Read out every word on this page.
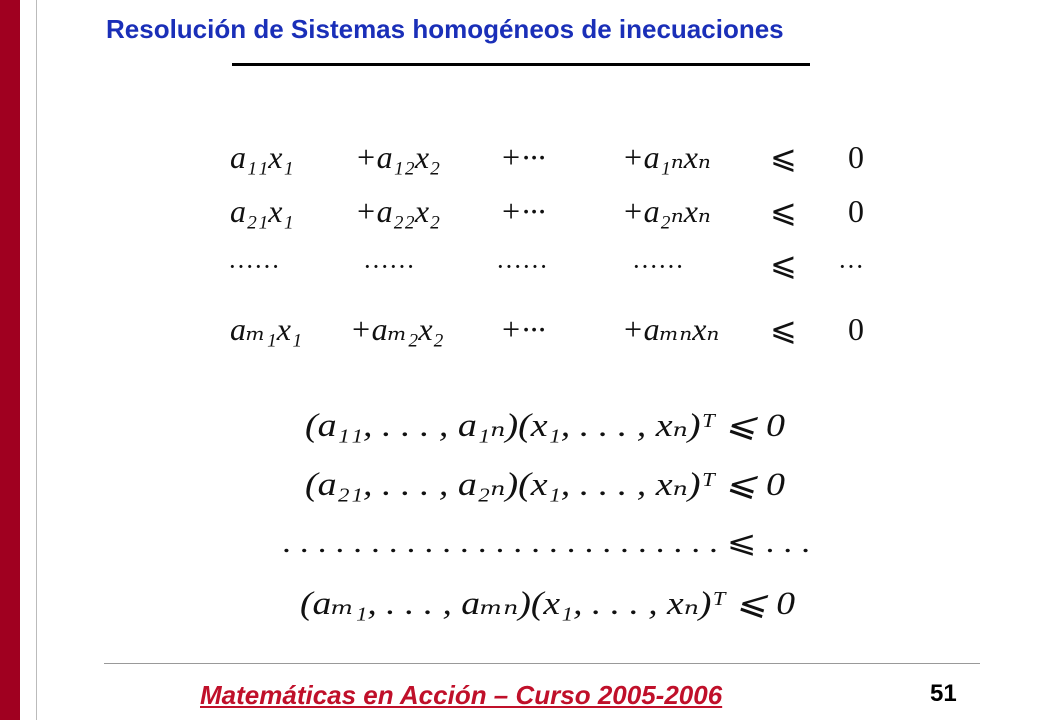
Resolución de Sistemas homogéneos de inecuaciones
a₁₁x₁ +a₁₂x₂ +··· +a₁ₙxₙ ⩽ 0
a₂₁x₁ +a₂₂x₂ +··· +a₂ₙxₙ ⩽ 0
······	······	······	······	⩽ ···
aₘ₁x₁ +aₘ₂x₂ +··· +aₘₙxₙ ⩽ 0
(a₁₁, . . . , a₁ₙ)(x₁, . . . , xₙ)ᵀ ⩽ 0
(a₂₁, . . . , a₂ₙ)(x₁, . . . , xₙ)ᵀ ⩽ 0
. . . . . . . . . . . . . . . . . . . . . . . . . ⩽ . . .
(aₘ₁, . . . , aₘₙ)(x₁, . . . , xₙ)ᵀ ⩽ 0
Matemáticas en Acción – Curso 2005-2006	51
